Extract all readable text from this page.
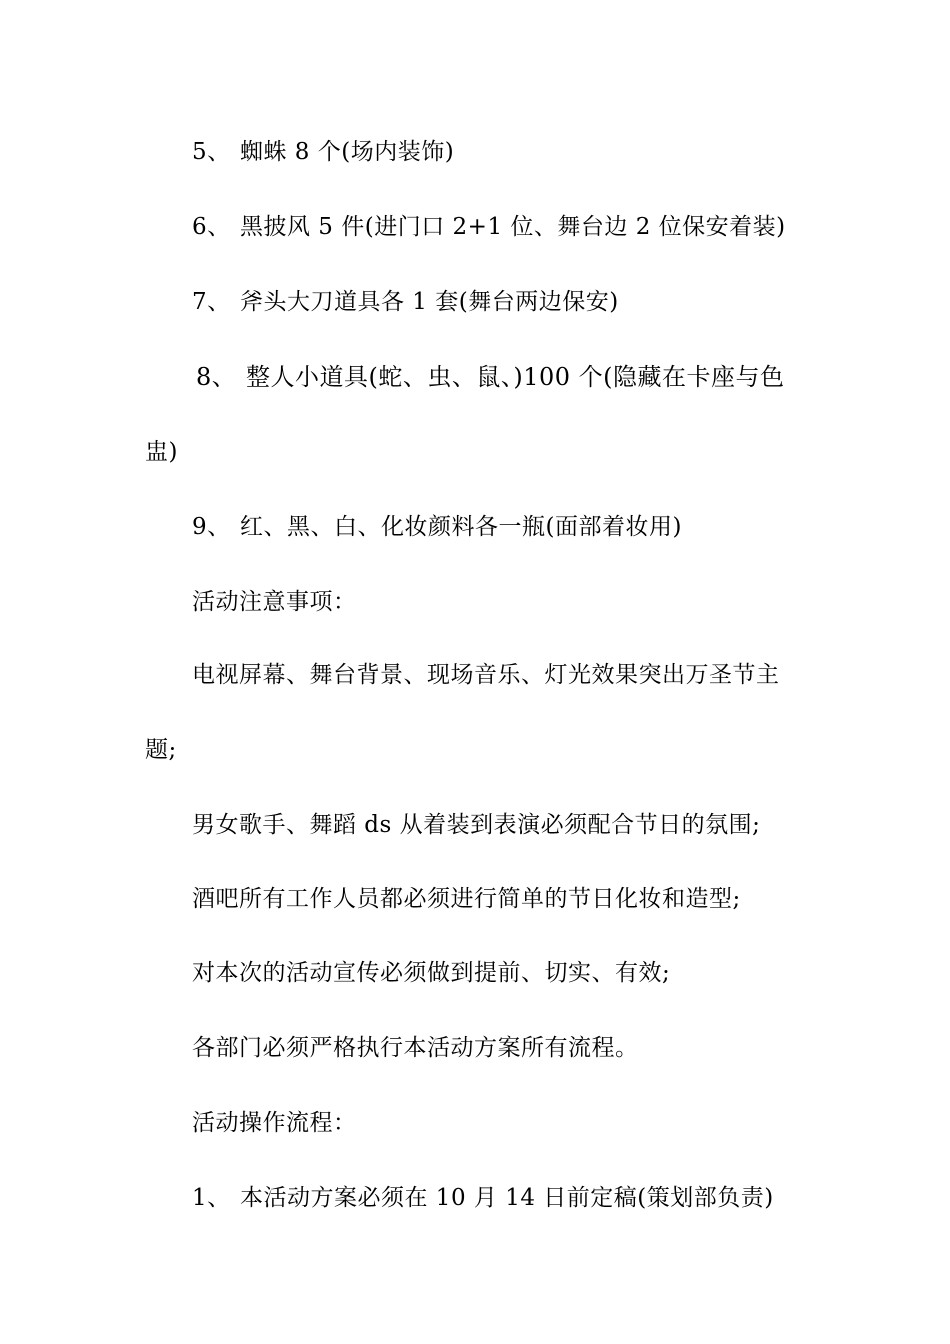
5、 蜘蛛 8 个(场内装饰)
6、 黑披风 5 件(进门口 2+1 位、舞台边 2 位保安着装)
7、 斧头大刀道具各 1 套(舞台两边保安)
8、 整人小道具(蛇、虫、鼠、)100 个(隐藏在卡座与色
盅)
9、 红、黑、白、化妆颜料各一瓶(面部着妆用)
活动注意事项：
电视屏幕、舞台背景、现场音乐、灯光效果突出万圣节主
题;
男女歌手、舞蹈 ds 从着装到表演必须配合节日的氛围;
酒吧所有工作人员都必须进行简单的节日化妆和造型;
对本次的活动宣传必须做到提前、切实、有效;
各部门必须严格执行本活动方案所有流程。
活动操作流程：
1、 本活动方案必须在 10 月 14 日前定稿(策划部负责)
